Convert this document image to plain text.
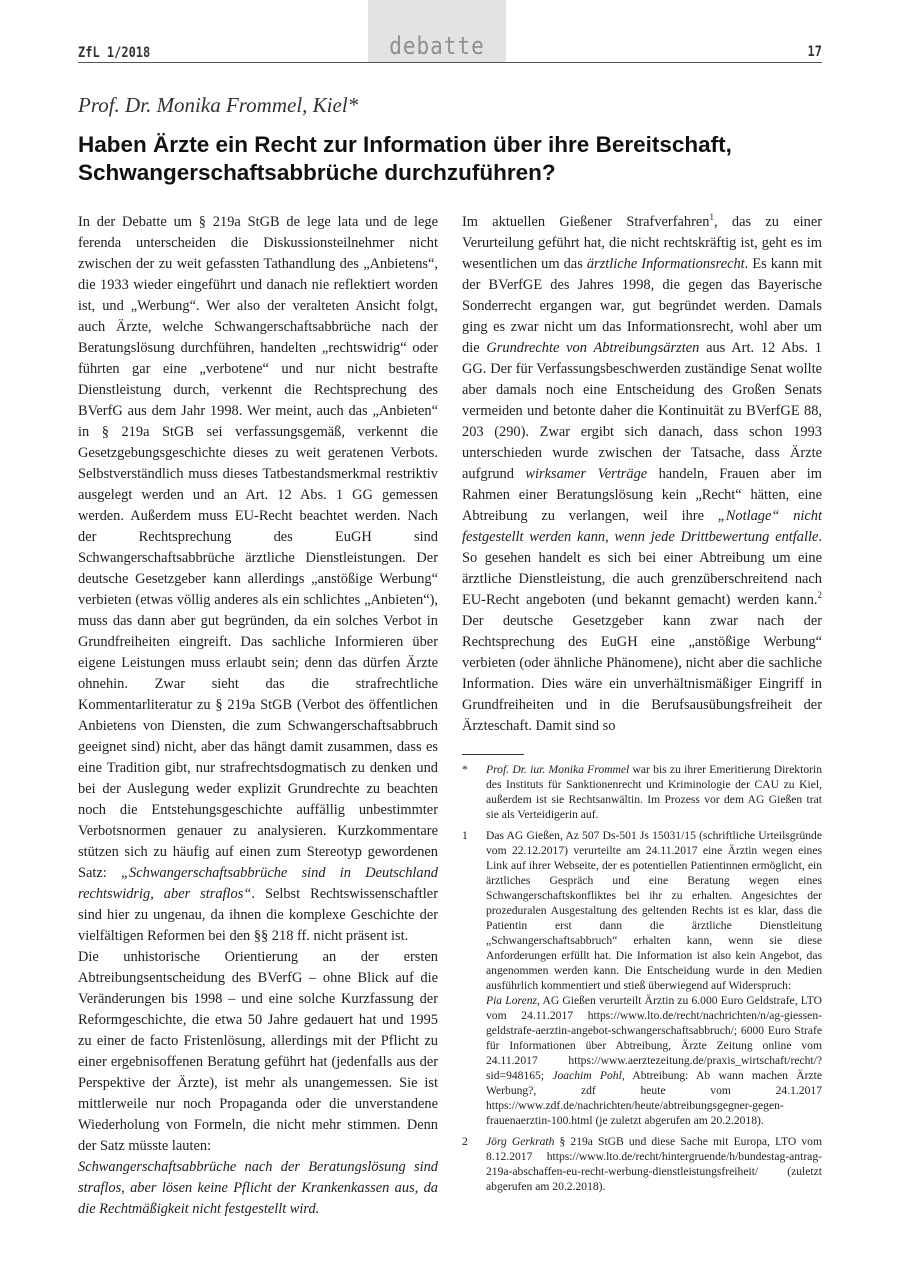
debatte
ZfL 1/2018	17
Prof. Dr. Monika Frommel, Kiel*
Haben Ärzte ein Recht zur Information über ihre Bereitschaft, Schwangerschaftsabbrüche durchzuführen?

In der Debatte um § 219a StGB de lege lata und de lege ferenda unterscheiden die Diskussionsteilnehmer nicht zwischen der zu weit gefassten Tathandlung des „Anbietens“, die 1933 wieder eingeführt und danach nie reflektiert worden ist, und „Werbung“. Wer also der veralteten Ansicht folgt, auch Ärzte, welche Schwangerschaftsabbrüche nach der Beratungslösung durchführen, handelten „rechtswidrig“ oder führten gar eine „verbotene“ und nur nicht bestrafte Dienstleistung durch, verkennt die Rechtsprechung des BVerfG aus dem Jahr 1998. Wer meint, auch das „Anbieten“ in § 219a StGB sei verfassungsgemäß, verkennt die Gesetzgebungsgeschichte dieses zu weit geratenen Verbots. Selbstverständlich muss dieses Tatbestandsmerkmal restriktiv ausgelegt werden und an Art. 12 Abs. 1 GG gemessen werden. Außerdem muss EU-Recht beachtet werden. Nach der Rechtsprechung des EuGH sind Schwangerschaftsabbrüche ärztliche Dienstleistungen. Der deutsche Gesetzgeber kann allerdings „anstößige Werbung“ verbieten (etwas völlig anderes als ein schlichtes „Anbieten“), muss das dann aber gut begründen, da ein solches Verbot in Grundfreiheiten eingreift. Das sachliche Informieren über eigene Leistungen muss erlaubt sein; denn das dürfen Ärzte ohnehin. Zwar sieht das die strafrechtliche Kommentarliteratur zu § 219a StGB (Verbot des öffentlichen Anbietens von Diensten, die zum Schwangerschaftsabbruch geeignet sind) nicht, aber das hängt damit zusammen, dass es eine Tradition gibt, nur strafrechtsdogmatisch zu denken und bei der Auslegung weder explizit Grundrechte zu beachten noch die Entstehungsgeschichte auffällig unbestimmter Verbotsnormen genauer zu analysieren. Kurzkommentare stützen sich zu häufig auf einen zum Stereotyp gewordenen Satz: „Schwangerschaftsabbrüche sind in Deutschland rechtswidrig, aber straflos“. Selbst Rechtswissenschaftler sind hier zu ungenau, da ihnen die komplexe Geschichte der vielfältigen Reformen bei den §§ 218 ff. nicht präsent ist.

Die unhistorische Orientierung an der ersten Abtreibungsentscheidung des BVerfG – ohne Blick auf die Veränderungen bis 1998 – und eine solche Kurzfassung der Reformgeschichte, die etwa 50 Jahre gedauert hat und 1995 zu einer de facto Fristenlösung, allerdings mit der Pflicht zu einer ergebnisoffenen Beratung geführt hat (jedenfalls aus der Perspektive der Ärzte), ist mehr als unangemessen. Sie ist mittlerweile nur noch Propaganda oder die unverstandene Wiederholung von Formeln, die nicht mehr stimmen. Denn der Satz müsste lauten:

Schwangerschaftsabbrüche nach der Beratungslösung sind straflos, aber lösen keine Pflicht der Krankenkassen aus, da die Rechtmäßigkeit nicht festgestellt wird.

Im aktuellen Gießener Strafverfahren$^1$, das zu einer Verurteilung geführt hat, die nicht rechtskräftig ist, geht es im wesentlichen um das ärztliche Informationsrecht. Es kann mit der BVerfGE des Jahres 1998, die gegen das Bayerische Sonderrecht ergangen war, gut begründet werden. Damals ging es zwar nicht um das Informationsrecht, wohl aber um die Grundrechte von Abtreibungsärzten aus Art. 12 Abs. 1 GG. Der für Verfassungsbeschwerden zuständige Senat wollte aber damals noch eine Entscheidung des Großen Senats vermeiden und betonte daher die Kontinuität zu BVerfGE 88, 203 (290). Zwar ergibt sich danach, dass schon 1993 unterschieden wurde zwischen der Tatsache, dass Ärzte aufgrund wirksamer Verträge handeln, Frauen aber im Rahmen einer Beratungslösung kein „Recht“ hätten, eine Abtreibung zu verlangen, weil ihre „Notlage“ nicht festgestellt werden kann, wenn jede Drittbewertung entfalle. So gesehen handelt es sich bei einer Abtreibung um eine ärztliche Dienstleistung, die auch grenzüberschreitend nach EU-Recht angeboten (und bekannt gemacht) werden kann.$^2$ Der deutsche Gesetzgeber kann zwar nach der Rechtsprechung des EuGH eine „anstößige Werbung“ verbieten (oder ähnliche Phänomene), nicht aber die sachliche Information. Dies wäre ein unverhältnismäßiger Eingriff in Grundfreiheiten und in die Berufsausübungsfreiheit der Ärzteschaft. Damit sind so

*	Prof. Dr. iur. Monika Frommel war bis zu ihrer Emeritierung Direktorin des Instituts für Sanktionenrecht und Kriminologie der CAU zu Kiel, außerdem ist sie Rechtsanwältin. Im Prozess vor dem AG Gießen trat sie als Verteidigerin auf.

1	Das AG Gießen, Az 507 Ds-501 Js 15031/15 (schriftliche Urteilsgründe vom 22.12.2017) verurteilte am 24.11.2017 eine Ärztin wegen eines Link auf ihrer Webseite, der es potentiellen Patientinnen ermöglicht, ein ärztliches Gespräch und eine Beratung wegen eines Schwangerschaftskonfliktes bei ihr zu erhalten. Angesichtes der prozeduralen Ausgestaltung des geltenden Rechts ist es klar, dass die Patientin erst dann die ärztliche Dienstleitung „Schwangerschaftsabbruch“ erhalten kann, wenn sie diese Anforderungen erfüllt hat. Die Information ist also kein Angebot, das angenommen werden kann. Die Entscheidung wurde in den Medien ausführlich kommentiert und stieß überwiegend auf Widerspruch:

Pia Lorenz, AG Gießen verurteilt Ärztin zu 6.000 Euro Geldstrafe, LTO vom 24.11.2017 https://www.lto.de/recht/nachrichten/n/ag-giessen-geldstrafe-aerztin-angebot-schwangerschaftsabbruch/; 6000 Euro Strafe für Informationen über Abtreibung, Ärzte Zeitung online vom 24.11.2017 https://www.aerztezeitung.de/praxis_wirtschaft/recht/?sid=948165; Joachim Pohl, Abtreibung: Ab wann machen Ärzte Werbung?, zdf heute vom 24.1.2017 https://www.zdf.de/nachrichten/heute/abtreibungsgegner-gegen-frauenaerztin-100.html (je zuletzt abgerufen am 20.2.2018).

2	Jörg Gerkrath § 219a StGB und diese Sache mit Europa, LTO vom 8.12.2017 https://www.lto.de/recht/hintergruende/h/bundestag-antrag-219a-abschaffen-eu-recht-werbung-dienstleistungsfreiheit/ (zuletzt abgerufen am 20.2.2018).
